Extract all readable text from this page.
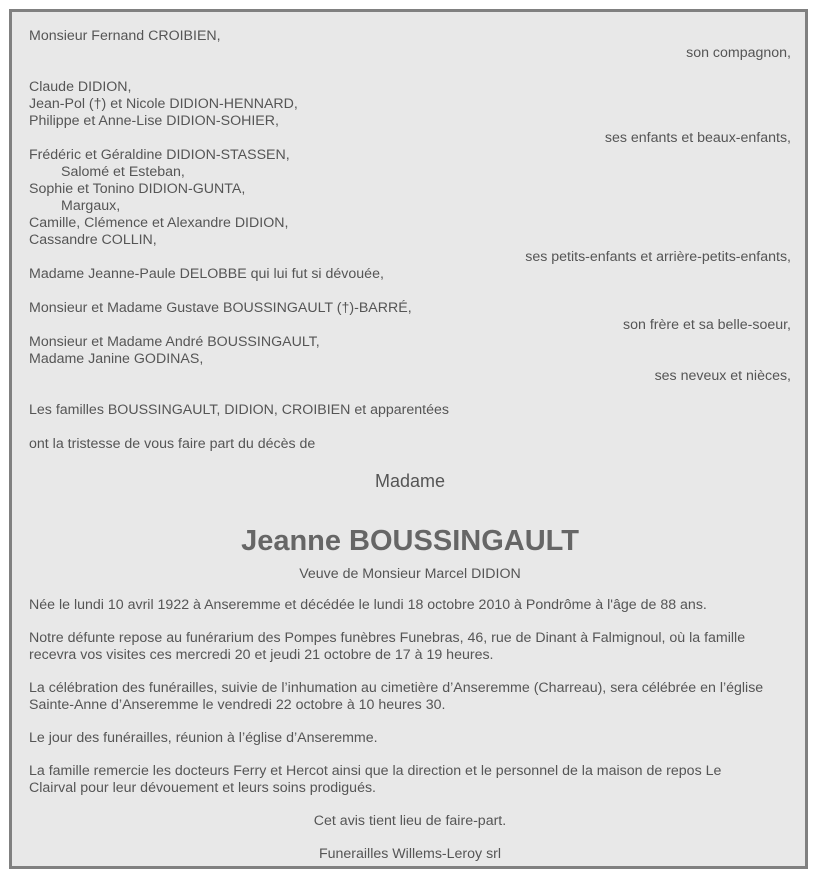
Monsieur Fernand CROIBIEN,
son compagnon,
Claude DIDION,
Jean-Pol (†) et Nicole DIDION-HENNARD,
Philippe et Anne-Lise DIDION-SOHIER,
ses enfants et beaux-enfants,
Frédéric et Géraldine DIDION-STASSEN,
Salomé et Esteban,
Sophie et Tonino DIDION-GUNTA,
Margaux,
Camille, Clémence et Alexandre DIDION,
Cassandre COLLIN,
ses petits-enfants et arrière-petits-enfants,
Madame Jeanne-Paule DELOBBE qui lui fut si dévouée,
Monsieur et Madame Gustave BOUSSINGAULT (†)-BARRÉ,
son frère et sa belle-soeur,
Monsieur et Madame André BOUSSINGAULT,
Madame Janine GODINAS,
ses neveux et nièces,
Les familles BOUSSINGAULT, DIDION, CROIBIEN et apparentées
ont la tristesse de vous faire part du décès de
Madame
Jeanne BOUSSINGAULT
Veuve de Monsieur Marcel DIDION
Née le lundi 10 avril 1922 à Anseremme et décédée le lundi 18 octobre 2010 à Pondrôme à l'âge de 88 ans.
Notre défunte repose au funérarium des Pompes funèbres Funebras, 46, rue de Dinant à Falmignoul, où la famille
recevra vos visites ces mercredi 20 et jeudi 21 octobre de 17 à 19 heures.
La célébration des funérailles, suivie de l’inhumation au cimetière d’Anseremme (Charreau), sera célébrée en l’église
Sainte-Anne d’Anseremme le vendredi 22 octobre à 10 heures 30.
Le jour des funérailles, réunion à l’église d’Anseremme.
La famille remercie les docteurs Ferry et Hercot ainsi que la direction et le personnel de la maison de repos Le
Clairval pour leur dévouement et leurs soins prodigués.
Cet avis tient lieu de faire-part.
Funerailles Willems-Leroy srl
